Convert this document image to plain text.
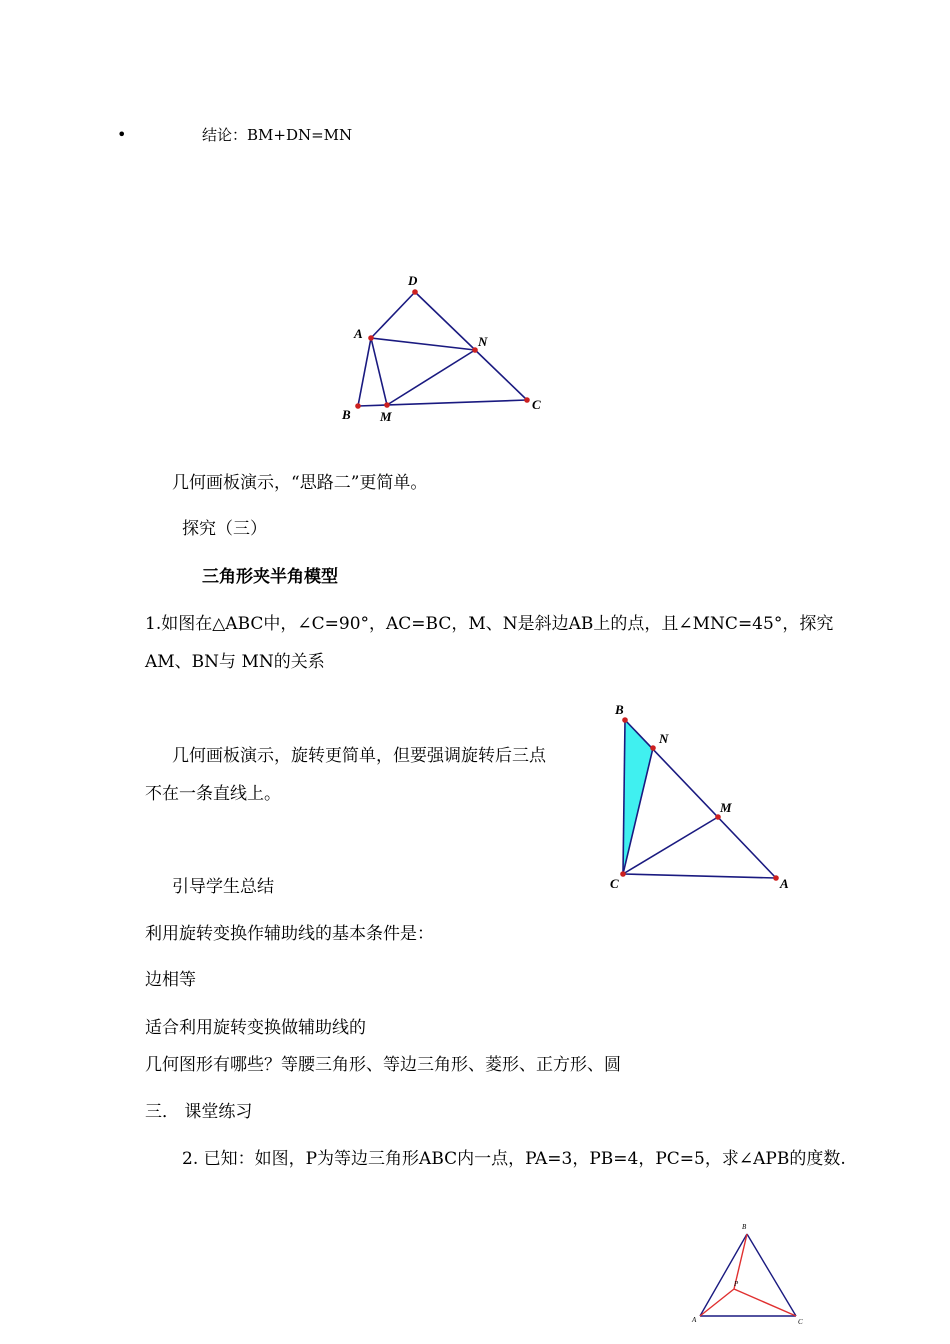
•	结论：BM+DN=MN
D
A
N
B M
C
几何画板演示，“思路二”更简单。
探究（三）
三角形夹半角模型
1.如图在△ABC中，∠C=90°，AC=BC，M、N是斜边AB上的点，且∠MNC=45°，探究
AM、BN与 MN的关系
B
N
M
C	A
几何画板演示，旋转更简单，但要强调旋转后三点
不在一条直线上。
引导学生总结
利用旋转变换作辅助线的基本条件是：
边相等
适合利用旋转变换做辅助线的
几何图形有哪些？等腰三角形、等边三角形、菱形、正方形、圆
三． 课堂练习
2. 已知：如图，P为等边三角形ABC内一点，PA=3，PB=4，PC=5，求∠APB的度数.
B
P
A	C
